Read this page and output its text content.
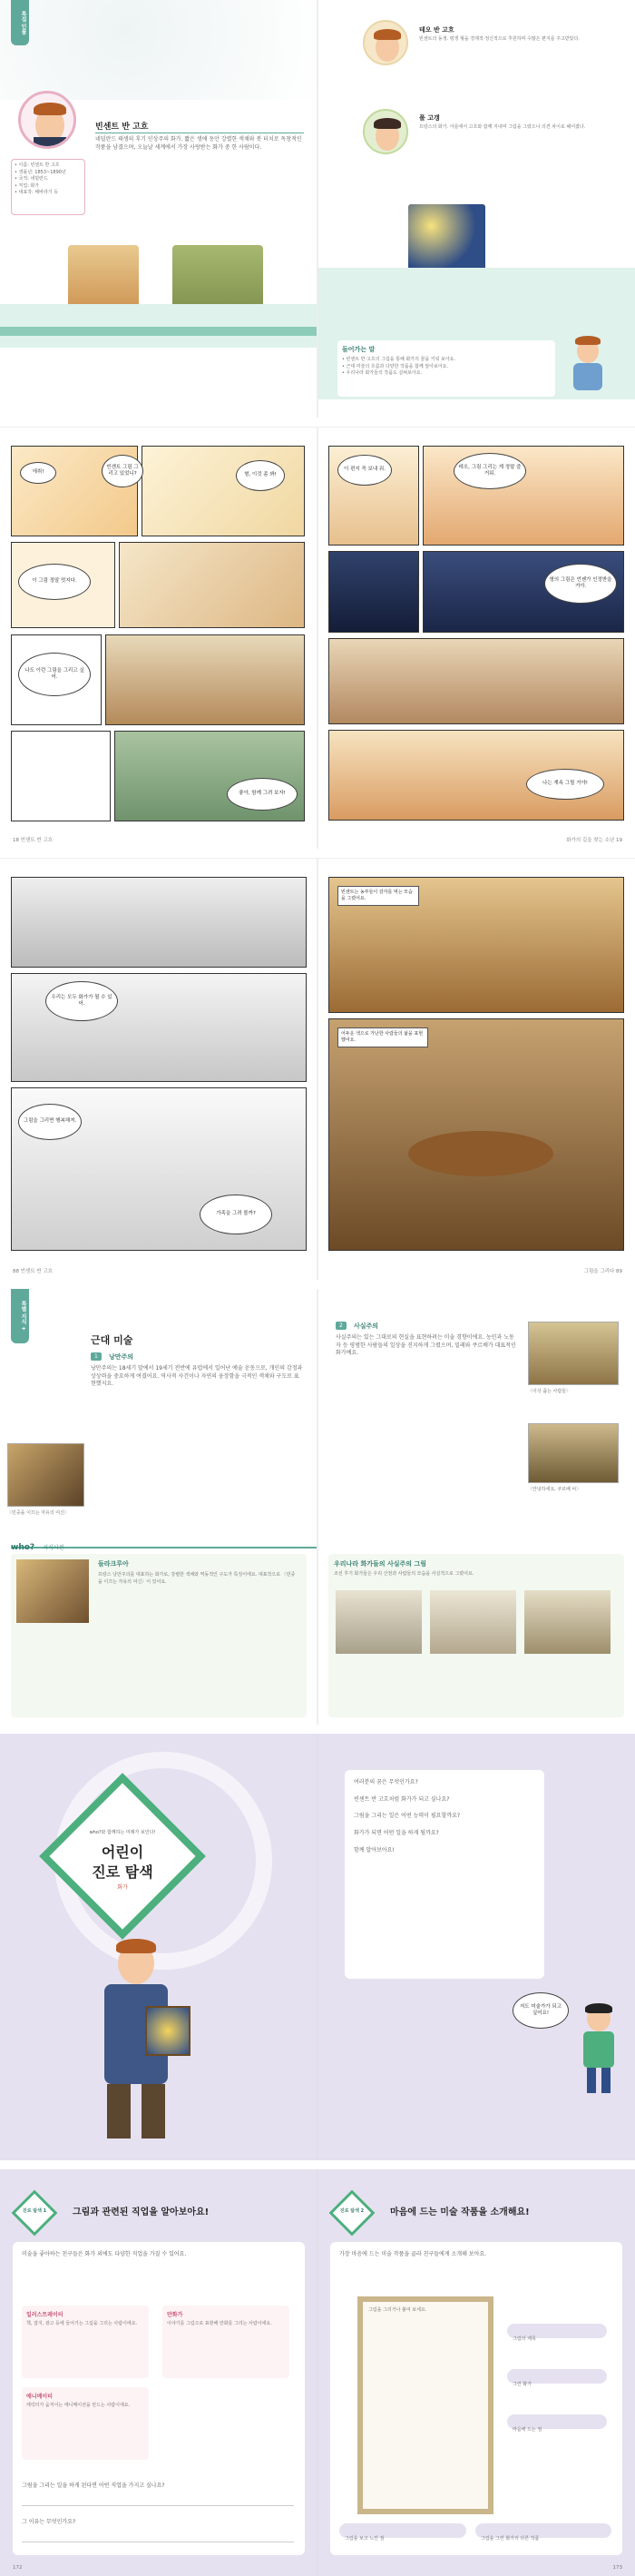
특집 인물
빈센트 반 고흐
네덜란드 태생의 후기 인상주의 화가. 짧은 생애 동안 강렬한 색채와 붓 터치로 독창적인 작품을 남겼으며, 오늘날 세계에서 가장 사랑받는 화가 중 한 사람이다.
• 이름: 빈센트 반 고흐
• 생몰년: 1853~1890년
• 국적: 네덜란드
• 직업: 화가
• 대표작: 해바라기 등
테오 반 고흐
빈센트의 동생. 평생 형을 경제적·정신적으로 후원하며 수많은 편지를 주고받았다.
폴 고갱
프랑스의 화가. 아를에서 고흐와 함께 지내며 그림을 그렸으나 의견 차이로 헤어졌다.
들어가는 말
• 빈센트 반 고흐의 그림을 통해 화가의 꿈을 키워 보아요.
• 근대 미술의 흐름과 다양한 작품을 함께 알아보아요.
• 우리나라 화가들의 작품도 살펴보아요.
에취!
빈센트 그림 그리고 있었니?	형, 이것 좀 봐!
이 그림 정말 멋지다.
나도 이런 그림을 그리고 싶어.
좋아, 함께 그려 보자!
18 빈센트 반 고흐
이 편지 꼭 보내 줘.	테오, 그림 그리는 게 정말 즐거워.
형의 그림은 언젠가 인정받을 거야.
나는 계속 그릴 거야!
화가의 길을 찾는 소년 19
우리는 모두 화가가 될 수 있어.
그림을 그리면 행복해져.
가족을 그려 볼까?
88 빈센트 반 고흐
빈센트는 농부들이 감자를 먹는 모습을 그렸어요.
어두운 색으로 가난한 사람들의 삶을 표현했어요.
그림을 그리다 89
특별 지식 +
근대 미술
1	낭만주의
낭만주의는 18세기 말에서 19세기 전반에 유럽에서 일어난 예술 운동으로, 개인의 감정과 상상력을 중요하게 여겼어요. 역사적 사건이나 자연의 웅장함을 극적인 색채와 구도로 표현했지요.
〈민중을 이끄는 자유의 여신〉
who? 지식사전
들라크루아
프랑스 낭만주의를 대표하는 화가로, 강렬한 색채와 역동적인 구도가 특징이에요. 대표작으로 〈민중을 이끄는 자유의 여신〉이 있어요.
2	사실주의
사실주의는 있는 그대로의 현실을 표현하려는 미술 경향이에요. 농민과 노동자 등 평범한 사람들의 일상을 진지하게 그렸으며, 밀레와 쿠르베가 대표적인 화가예요.
〈이삭 줍는 사람들〉
〈안녕하세요, 쿠르베 씨〉
우리나라 화가들의 사실주의 그림
조선 후기 화가들은 우리 산천과 사람들의 모습을 사실적으로 그렸어요.
who?와 함께하는 미래가 보인다!
어린이
진로 탐색
화가
여러분의 꿈은 무엇인가요?
빈센트 반 고흐처럼 화가가 되고 싶나요?
그림을 그리는 일은 어떤 능력이 필요할까요?
화가가 되면 어떤 일을 하게 될까요?
함께 알아보아요!
저도 미술가가 되고 싶어요!
진로 탐색 1	그림과 관련된 직업을 알아보아요!
미술을 좋아하는 친구들은 화가 외에도 다양한 직업을 가질 수 있어요.
일러스트레이터
책, 잡지, 광고 등에 들어가는 그림을 그리는 사람이에요.
만화가
이야기를 그림으로 표현해 만화를 그리는 사람이에요.
애니메이터
캐릭터가 움직이는 애니메이션을 만드는 사람이에요.
그림을 그리는 일을 하게 된다면 어떤 직업을 가지고 싶나요?
그 이유는 무엇인가요?
172
진로 탐색 2	마음에 드는 미술 작품을 소개해요!
가장 마음에 드는 미술 작품을 골라 친구들에게 소개해 보아요.
그림을 그리거나 붙여 보세요.
그림의 제목
그린 화가
마음에 드는 점
그림을 보고 느낀 점	그림을 그린 화가의 다른 작품
173
